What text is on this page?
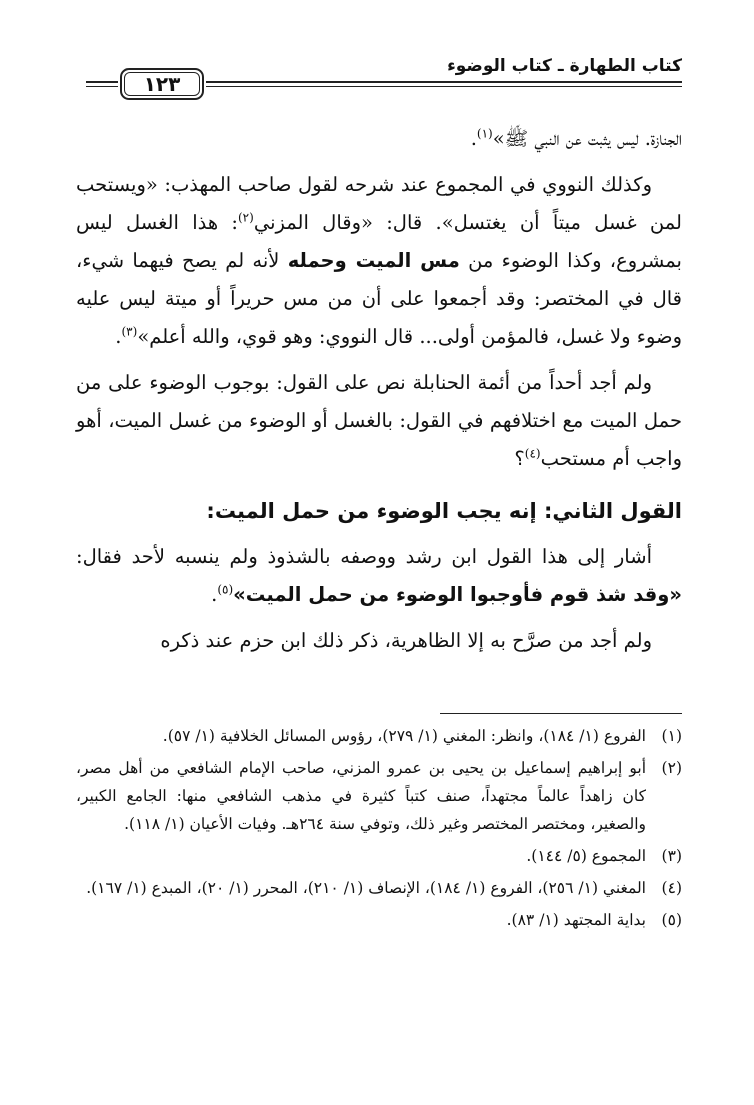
كتاب الطهارة ـ كتاب الوضوء
١٢٣

الجنازة. ليس يثبت عن النبي ﷺ»$^{(١)}$.

وكذلك النووي في المجموع عند شرحه لقول صاحب المهذب: «ويستحب لمن غسل ميتاً أن يغتسل». قال: «وقال المزني$^{(٢)}$: هذا الغسل ليس بمشروع، وكذا الوضوء من مس الميت وحمله لأنه لم يصح فيهما شيء، قال في المختصر: وقد أجمعوا على أن من مس حريراً أو ميتة ليس عليه وضوء ولا غسل، فالمؤمن أولى... قال النووي: وهو قوي، والله أعلم»$^{(٣)}$.

ولم أجد أحداً من أئمة الحنابلة نص على القول: بوجوب الوضوء على من حمل الميت مع اختلافهم في القول: بالغسل أو الوضوء من غسل الميت، أهو واجب أم مستحب$^{(٤)}$؟

القول الثاني: إنه يجب الوضوء من حمل الميت:

أشار إلى هذا القول ابن رشد ووصفه بالشذوذ ولم ينسبه لأحد فقال: «وقد شذ قوم فأوجبوا الوضوء من حمل الميت»$^{(٥)}$.

ولم أجد من صرَّح به إلا الظاهرية، ذكر ذلك ابن حزم عند ذكره

(١)
الفروع (١/ ١٨٤)، وانظر: المغني (١/ ٢٧٩)، رؤوس المسائل الخلافية (١/ ٥٧).
(٢)
أبو إبراهيم إسماعيل بن يحيى بن عمرو المزني، صاحب الإمام الشافعي من أهل مصر، كان زاهداً عالماً مجتهداً، صنف كتباً كثيرة في مذهب الشافعي منها: الجامع الكبير، والصغير، ومختصر المختصر وغير ذلك، وتوفي سنة ٢٦٤هـ. وفيات الأعيان (١/ ١١٨).
(٣)
المجموع (٥/ ١٤٤).
(٤)
المغني (١/ ٢٥٦)، الفروع (١/ ١٨٤)، الإنصاف (١/ ٢١٠)، المحرر (١/ ٢٠)، المبدع (١/ ١٦٧).
(٥)
بداية المجتهد (١/ ٨٣).
